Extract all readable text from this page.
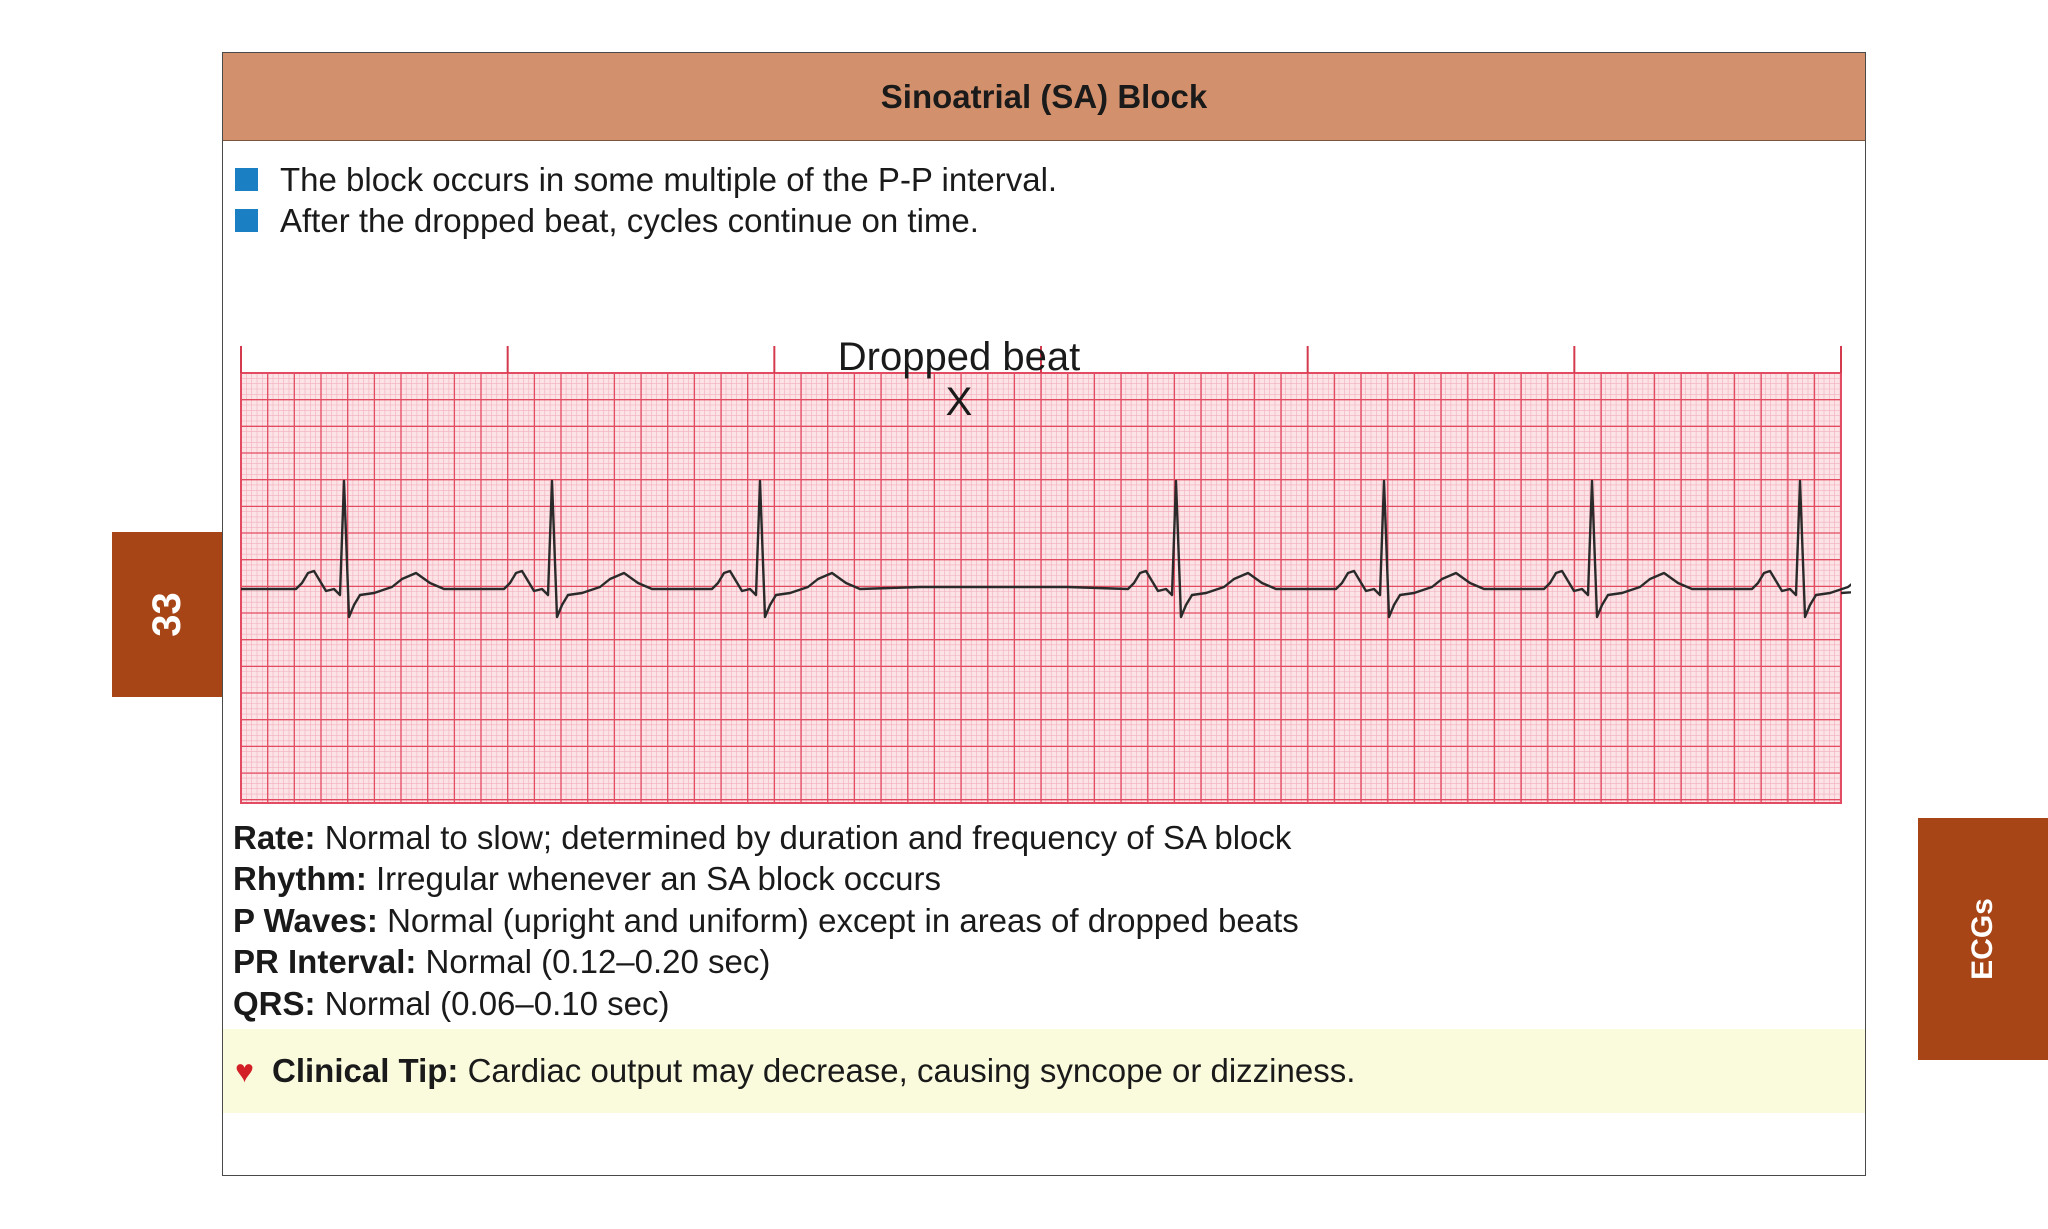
Sinoatrial (SA) Block
The block occurs in some multiple of the P-P interval.
After the dropped beat, cycles continue on time.
Dropped beat
X
Rate: Normal to slow; determined by duration and frequency of SA block
Rhythm: Irregular whenever an SA block occurs
P Waves: Normal (upright and uniform) except in areas of dropped beats
PR Interval: Normal (0.12–0.20 sec)
QRS: Normal (0.06–0.10 sec)
♥ Clinical Tip: Cardiac output may decrease, causing syncope or dizziness.
33
ECGs
